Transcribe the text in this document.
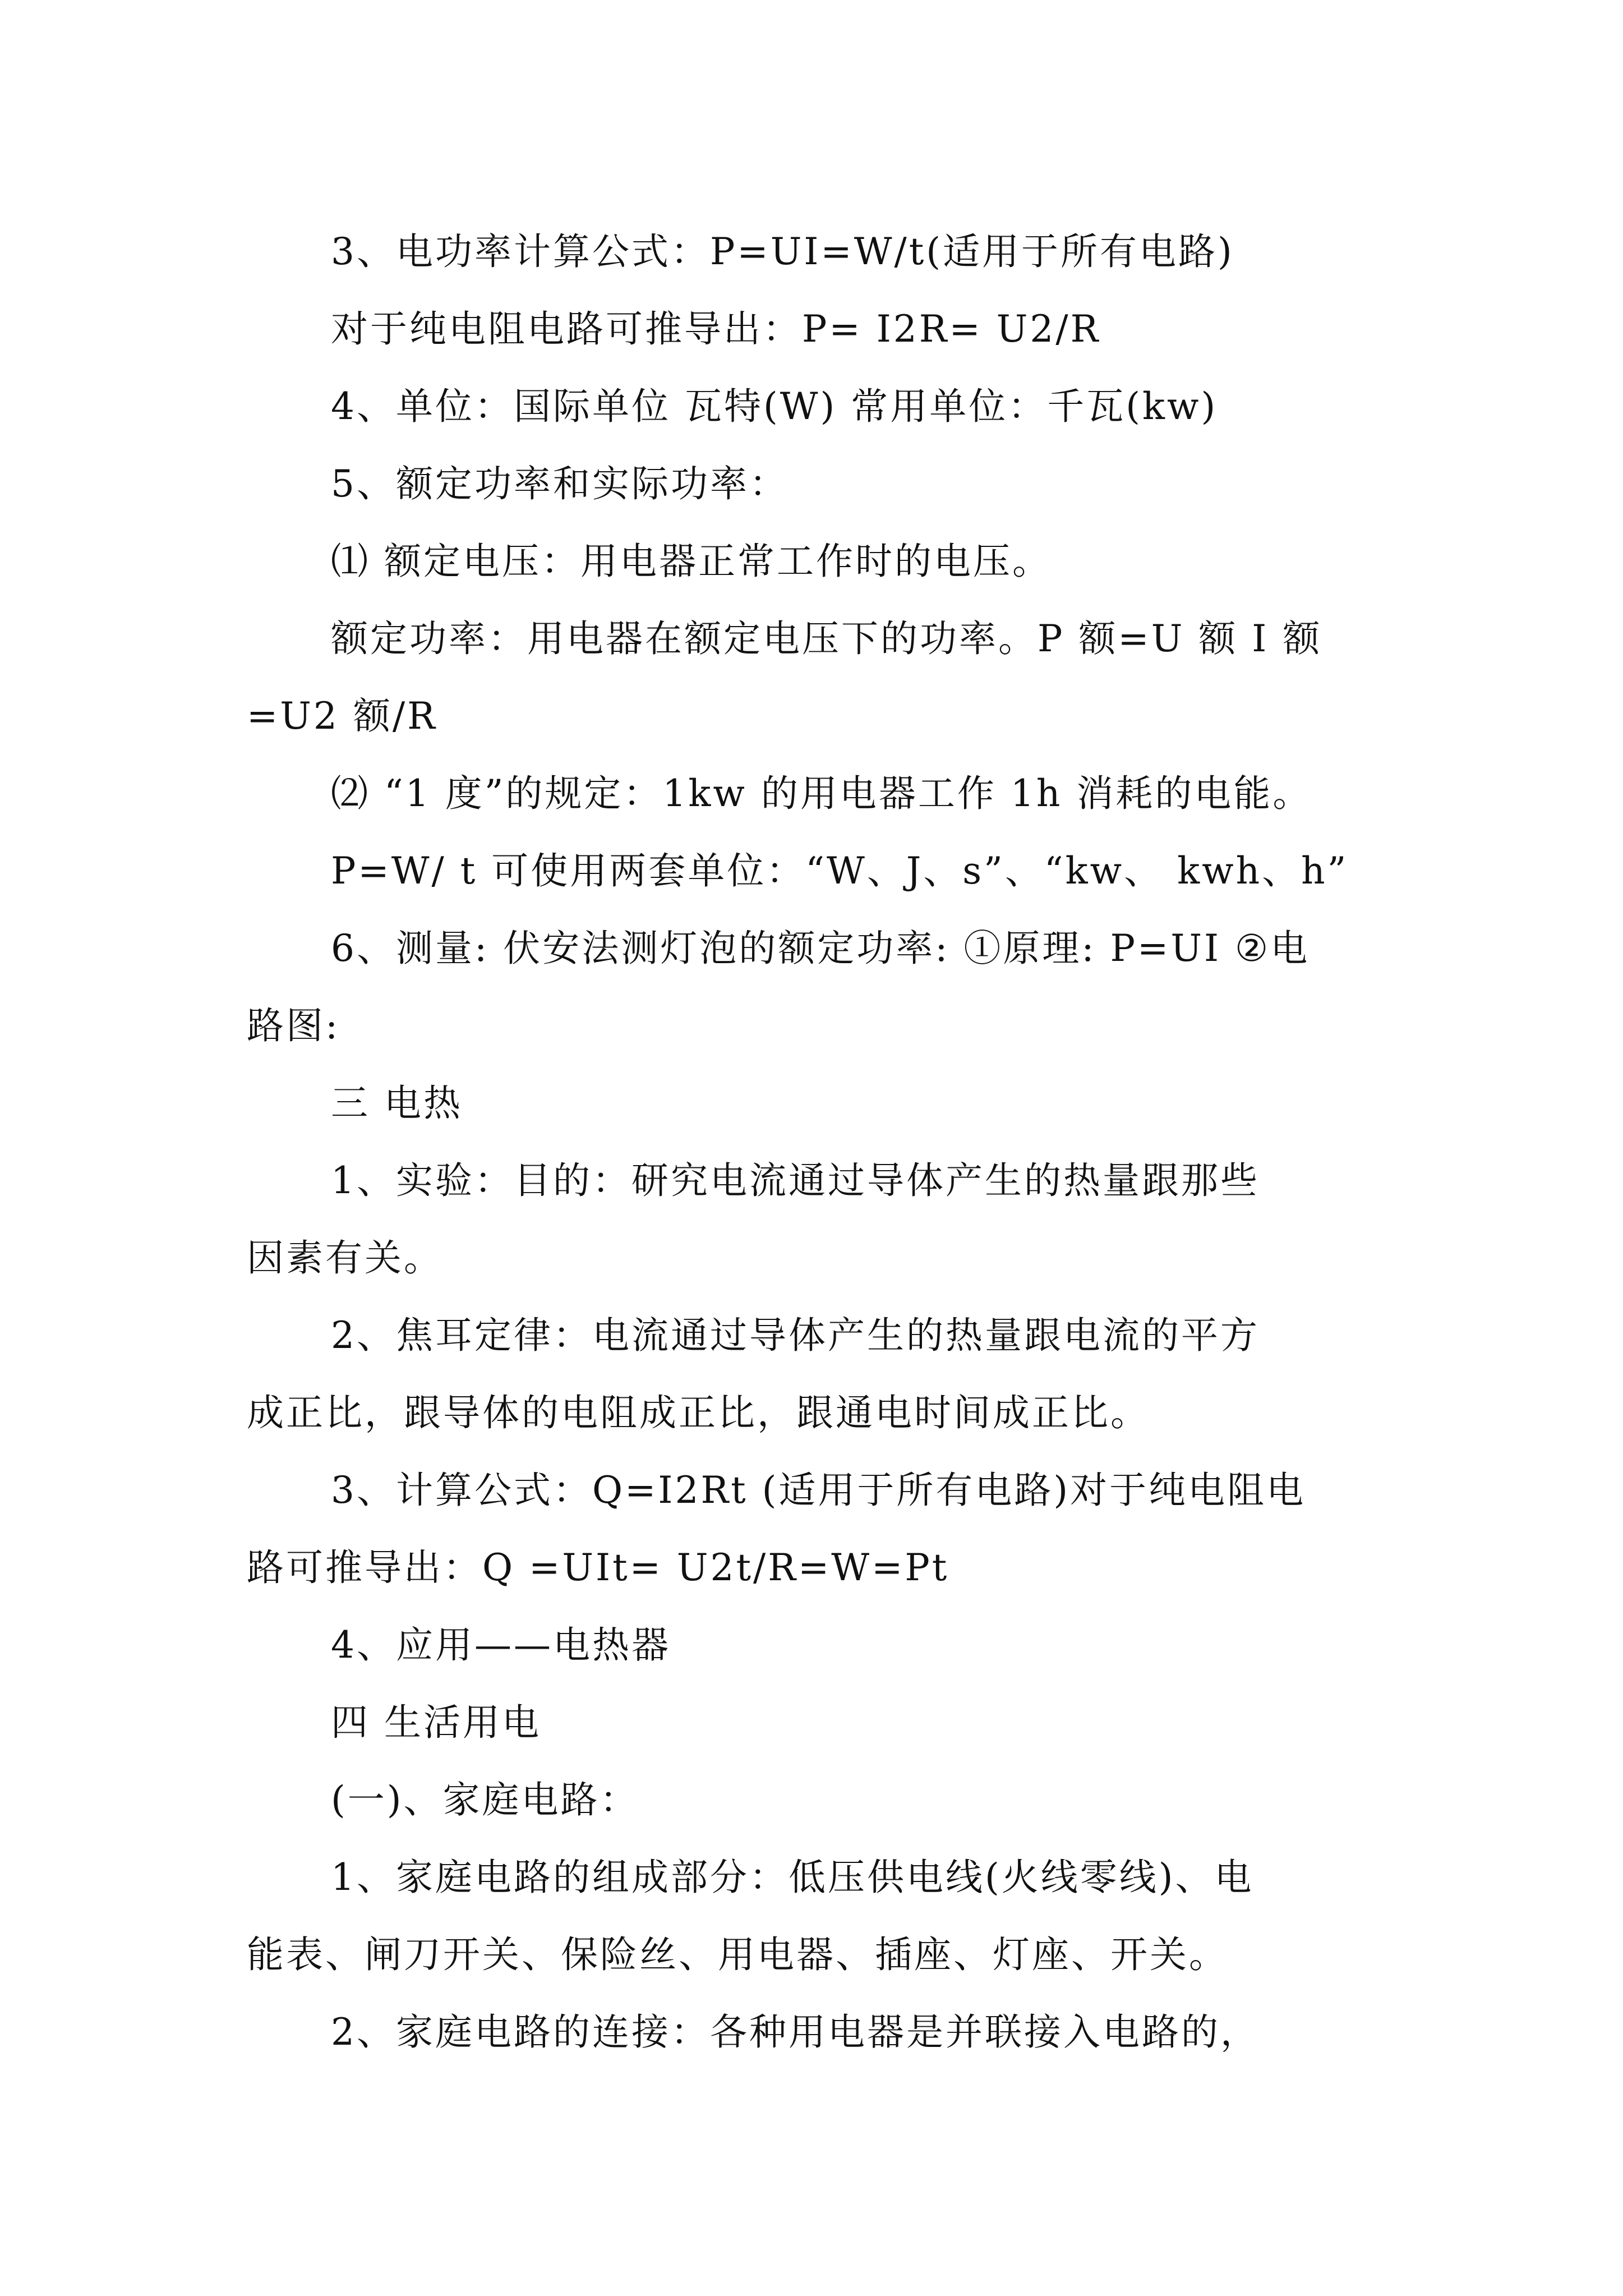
3、电功率计算公式：P=UI=W/t(适用于所有电路)
对于纯电阻电路可推导出：P= I2R= U2/R
4、单位：国际单位 瓦特(W) 常用单位：千瓦(kw)
5、额定功率和实际功率：
⑴ 额定电压：用电器正常工作时的电压。
额定功率：用电器在额定电压下的功率。P 额=U 额 I 额
=U2 额/R
⑵ “1 度”的规定：1kw 的用电器工作 1h 消耗的电能。
P=W/ t 可使用两套单位：“W、J、s”、“kw、 kwh、h”
6、测量: 伏安法测灯泡的额定功率: ①原理: P=UI ②电
路图:
三 电热
1、实验：目的：研究电流通过导体产生的热量跟那些
因素有关。
2、焦耳定律：电流通过导体产生的热量跟电流的平方
成正比，跟导体的电阻成正比，跟通电时间成正比。
3、计算公式：Q=I2Rt (适用于所有电路)对于纯电阻电
路可推导出：Q =UIt= U2t/R=W=Pt
4、应用——电热器
四 生活用电
(一)、家庭电路：
1、家庭电路的组成部分：低压供电线(火线零线)、电
能表、闸刀开关、保险丝、用电器、插座、灯座、开关。
2、家庭电路的连接：各种用电器是并联接入电路的，
